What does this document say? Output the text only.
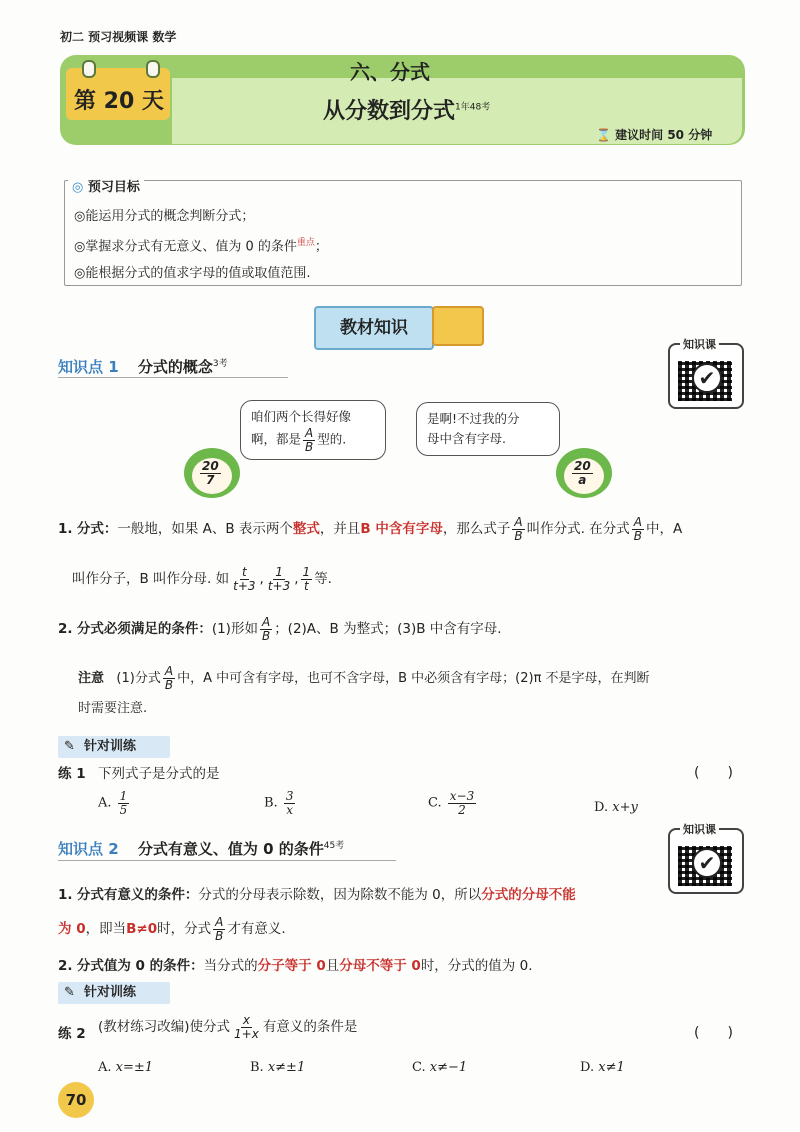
初二 预习视频课 数学
六、分式
第 20 天	从分数到分式$^{1年48考}$
⌛ 建议时间 50 分钟
◎ 预习目标
◎能运用分式的概念判断分式；
◎掌握求分式有无意义、值为 0 的条件$^{重点}$；
◎能根据分式的值求字母的值或取值范围.
教材知识
知识课
✔
知识点 1 分式的概念$^{3考}$
咱们两个长得好像
啊，都是 $\frac{A}{B}$ 型的.
是啊!不过我的分
母中含有字母.
$\frac{20}{7}$	$\frac{20}{a}$
1. 分式：一般地，如果 A、B 表示两个整式，并且B 中含有字母，那么式子 $\frac{A}{B}$ 叫作分式. 在分式 $\frac{A}{B}$ 中，A
叫作分子，B 叫作分母. 如 $\frac{t}{t+3}$ , $\frac{1}{t+3}$ , $\frac{1}{t}$ 等.
2. 分式必须满足的条件：(1)形如 $\frac{A}{B}$ ；(2)A、B 为整式；(3)B 中含有字母.
注意 (1)分式 $\frac{A}{B}$ 中，A 中可含有字母，也可不含字母，B 中必须含有字母；(2)π 不是字母，在判断
时需要注意.
✎ 针对训练
练 1 下列式子是分式的是	(　　)
A. $\frac{1}{5}$	B. $\frac{3}{x}$	C. $\frac{x-3}{2}$	D. x+y
知识课
✔
知识点 2 分式有意义、值为 0 的条件$^{45考}$
1. 分式有意义的条件：分式的分母表示除数，因为除数不能为 0，所以分式的分母不能
为 0，即当B≠0时，分式 $\frac{A}{B}$ 才有意义.
2. 分式值为 0 的条件：当分式的分子等于 0且分母不等于 0时，分式的值为 0.
✎ 针对训练
练 2 (教材练习改编)使分式 $\frac{x}{1+x}$ 有意义的条件是	(　　)
A. x=±1	B. x≠±1	C. x≠−1	D. x≠1
70
